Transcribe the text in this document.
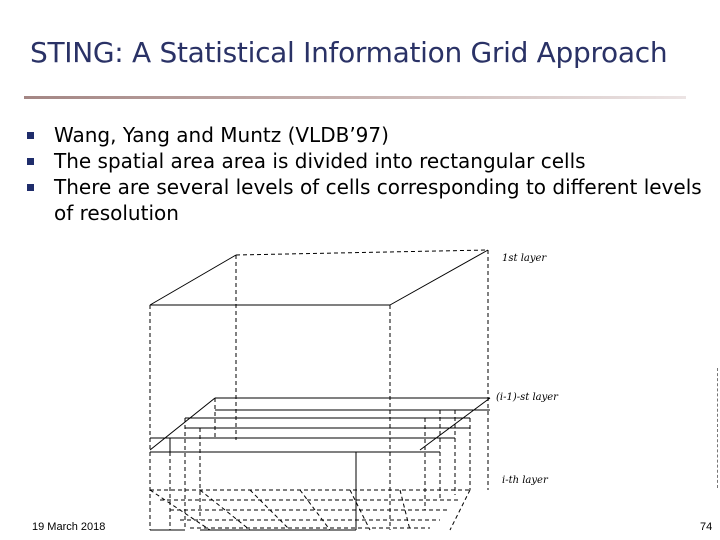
STING: A Statistical Information Grid Approach
Wang, Yang and Muntz (VLDB’97)
The spatial area area is divided into rectangular cells
There are several levels of cells corresponding to different levels of resolution
1st layer
(i-1)-st layer
i-th layer
19 March 2018	74
